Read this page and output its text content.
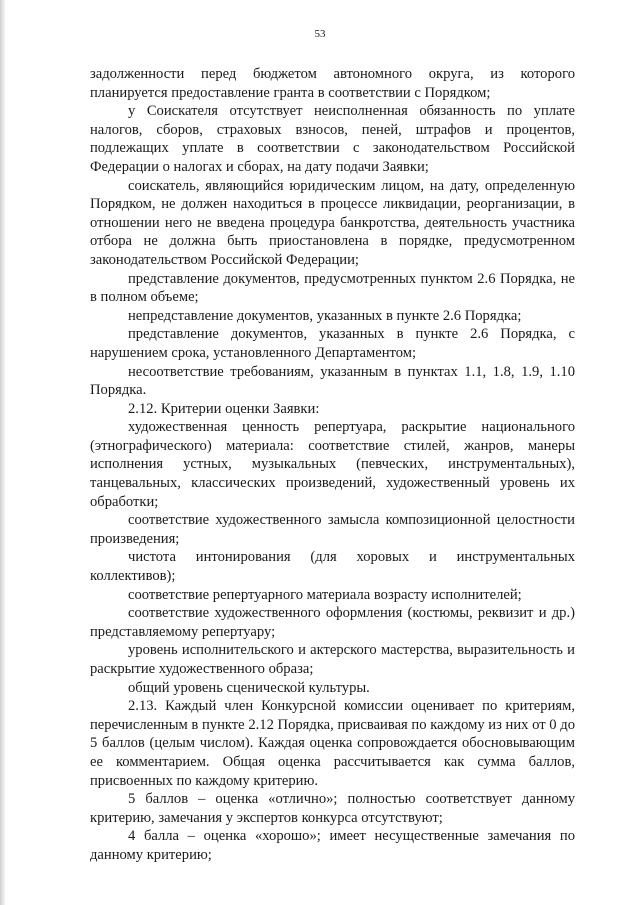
53

задолженности перед бюджетом автономного округа, из которого планируется предоставление гранта в соответствии с Порядком;

у Соискателя отсутствует неисполненная обязанность по уплате налогов, сборов, страховых взносов, пеней, штрафов и процентов, подлежащих уплате в соответствии с законодательством Российской Федерации о налогах и сборах, на дату подачи Заявки;

соискатель, являющийся юридическим лицом, на дату, определенную Порядком, не должен находиться в процессе ликвидации, реорганизации, в отношении него не введена процедура банкротства, деятельность участника отбора не должна быть приостановлена в порядке, предусмотренном законодательством Российской Федерации;

представление документов, предусмотренных пунктом 2.6 Порядка, не в полном объеме;

непредставление документов, указанных в пункте 2.6 Порядка;

представление документов, указанных в пункте 2.6 Порядка, с нарушением срока, установленного Департаментом;

несоответствие требованиям, указанным в пунктах 1.1, 1.8, 1.9, 1.10 Порядка.

2.12. Критерии оценки Заявки:

художественная ценность репертуара, раскрытие национального (этнографического) материала: соответствие стилей, жанров, манеры исполнения устных, музыкальных (певческих, инструментальных), танцевальных, классических произведений, художественный уровень их обработки;

соответствие художественного замысла композиционной целостности произведения;

чистота интонирования (для хоровых и инструментальных коллективов);

соответствие репертуарного материала возрасту исполнителей;

соответствие художественного оформления (костюмы, реквизит и др.) представляемому репертуару;

уровень исполнительского и актерского мастерства, выразительность и раскрытие художественного образа;

общий уровень сценической культуры.

2.13. Каждый член Конкурсной комиссии оценивает по критериям, перечисленным в пункте 2.12 Порядка, присваивая по каждому из них от 0 до 5 баллов (целым числом). Каждая оценка сопровождается обосновывающим ее комментарием. Общая оценка рассчитывается как сумма баллов, присвоенных по каждому критерию.

5 баллов – оценка «отлично»; полностью соответствует данному критерию, замечания у экспертов конкурса отсутствуют;

4 балла – оценка «хорошо»; имеет несущественные замечания по данному критерию;
